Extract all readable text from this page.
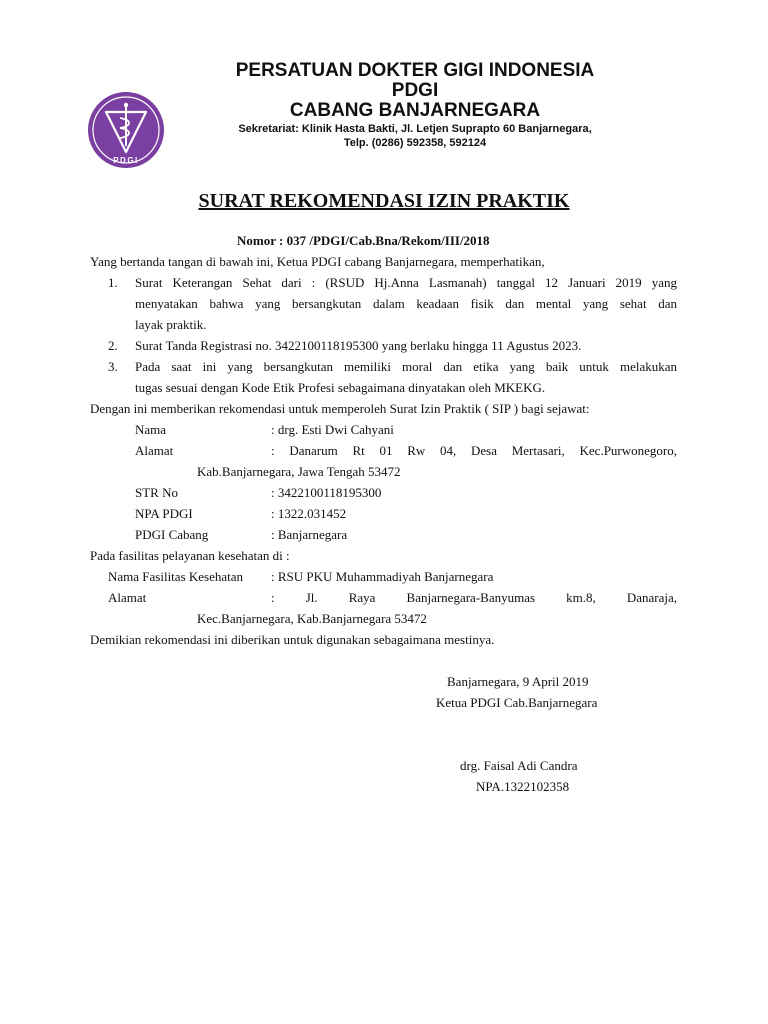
PDGI
PERSATUAN DOKTER GIGI INDONESIA
PDGI
CABANG BANJARNEGARA
Sekretariat: Klinik Hasta Bakti, Jl. Letjen Suprapto 60 Banjarnegara,
Telp. (0286) 592358, 592124
SURAT REKOMENDASI IZIN PRAKTIK
Nomor : 037 /PDGI/Cab.Bna/Rekom/III/2018
Yang bertanda tangan di bawah ini, Ketua PDGI cabang Banjarnegara, memperhatikan,
1. Surat Keterangan Sehat dari : (RSUD Hj.Anna Lasmanah) tanggal 12 Januari 2019 yang
menyatakan bahwa yang bersangkutan dalam keadaan fisik dan mental yang sehat dan
layak praktik.
2. Surat Tanda Registrasi no. 3422100118195300 yang berlaku hingga 11 Agustus 2023.
3. Pada saat ini yang bersangkutan memiliki moral dan etika yang baik untuk melakukan
tugas sesuai dengan Kode Etik Profesi sebagaimana dinyatakan oleh MKEKG.
Dengan ini memberikan rekomendasi untuk memperoleh Surat Izin Praktik ( SIP ) bagi sejawat:
Nama	: drg. Esti Dwi Cahyani
Alamat	: Danarum Rt 01 Rw 04, Desa Mertasari, Kec.Purwonegoro,
Kab.Banjarnegara, Jawa Tengah 53472
STR No	: 3422100118195300
NPA PDGI	: 1322.031452
PDGI Cabang	: Banjarnegara
Pada fasilitas pelayanan kesehatan di :
Nama Fasilitas Kesehatan : RSU PKU Muhammadiyah Banjarnegara
Alamat	: Jl. Raya Banjarnegara-Banyumas km.8, Danaraja,
Kec.Banjarnegara, Kab.Banjarnegara 53472
Demikian rekomendasi ini diberikan untuk digunakan sebagaimana mestinya.
Banjarnegara, 9 April 2019
Ketua PDGI Cab.Banjarnegara
drg. Faisal Adi Candra
NPA.1322102358
